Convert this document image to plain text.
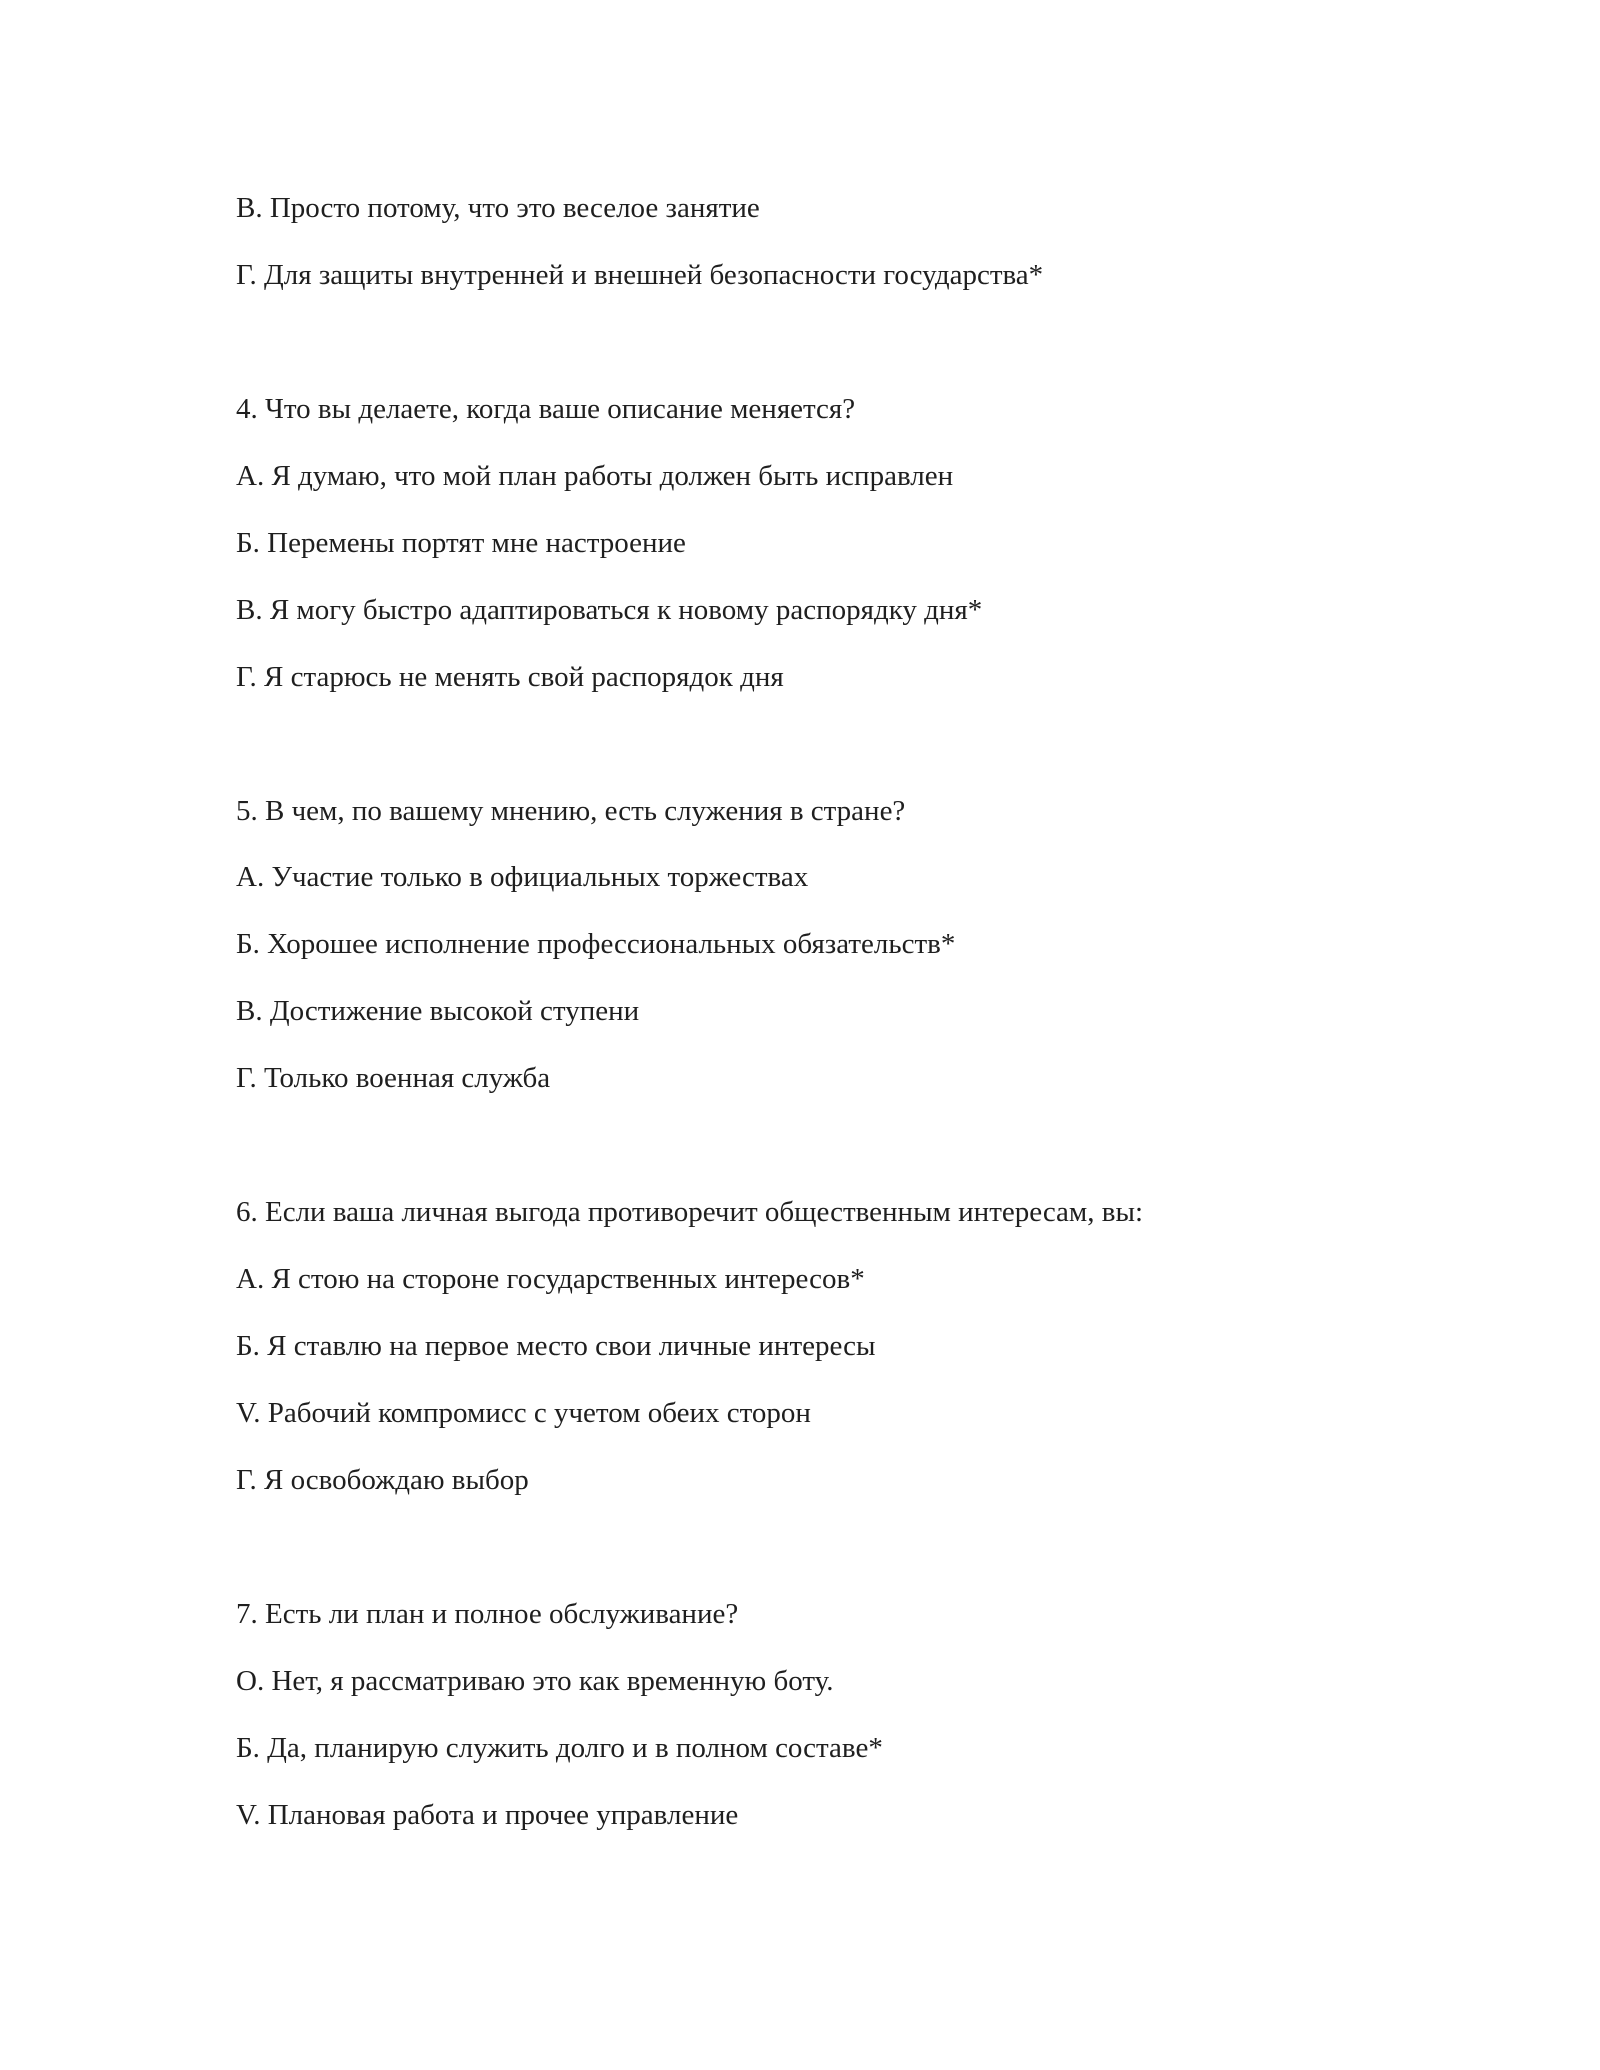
В. Просто потому, что это веселое занятие

Г. Для защиты внутренней и внешней безопасности государства*

4. Что вы делаете, когда ваше описание меняется?

А. Я думаю, что мой план работы должен быть исправлен

Б. Перемены портят мне настроение

В. Я могу быстро адаптироваться к новому распорядку дня*

Г. Я старюсь не менять свой распорядок дня

5. В чем, по вашему мнению, есть служения в стране?

А. Участие только в официальных торжествах

Б. Хорошее исполнение профессиональных обязательств*

В. Достижение высокой ступени

Г. Только военная служба

6. Если ваша личная выгода противоречит общественным интересам, вы:

А. Я стою на стороне государственных интересов*

Б. Я ставлю на первое место свои личные интересы

V. Рабочий компромисс с учетом обеих сторон

Г. Я освобождаю выбор

7. Есть ли план и полное обслуживание?

О. Нет, я рассматриваю это как временную боту.

Б. Да, планирую служить долго и в полном составе*

V. Плановая работа и прочее управление
